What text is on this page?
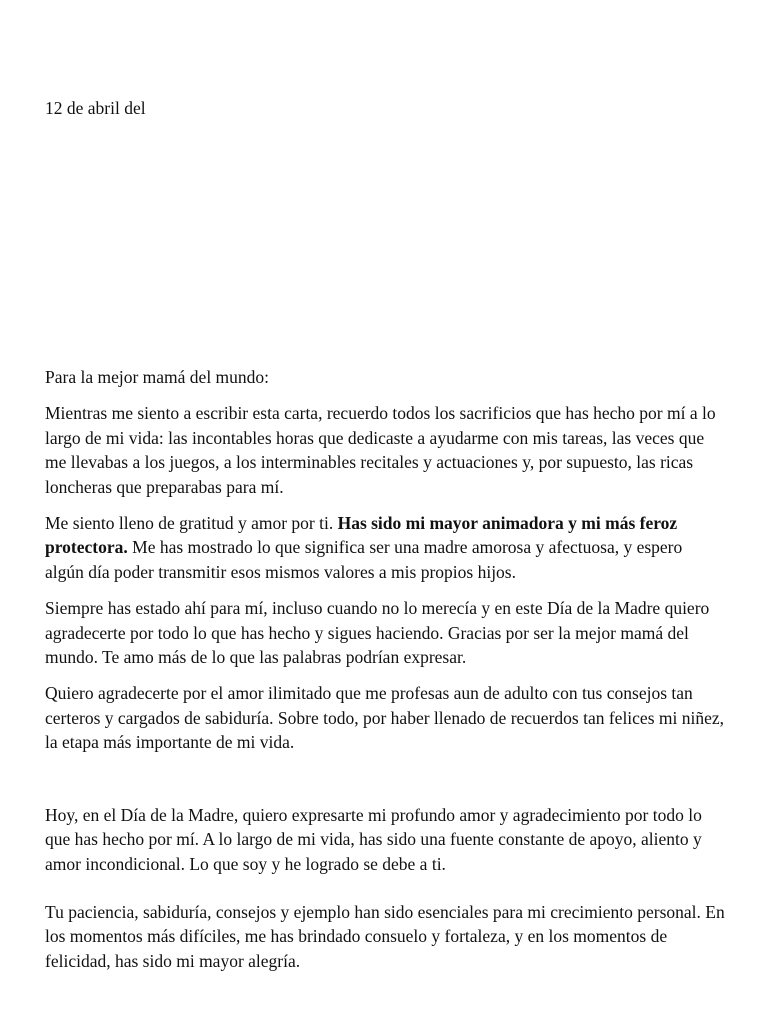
12 de abril del

Para la mejor mamá del mundo:

Mientras me siento a escribir esta carta, recuerdo todos los sacrificios que has hecho por mí a lo largo de mi vida: las incontables horas que dedicaste a ayudarme con mis tareas, las veces que me llevabas a los juegos, a los interminables recitales y actuaciones y, por supuesto, las ricas loncheras que preparabas para mí.

Me siento lleno de gratitud y amor por ti. Has sido mi mayor animadora y mi más feroz protectora. Me has mostrado lo que significa ser una madre amorosa y afectuosa, y espero algún día poder transmitir esos mismos valores a mis propios hijos.

Siempre has estado ahí para mí, incluso cuando no lo merecía y en este Día de la Madre quiero agradecerte por todo lo que has hecho y sigues haciendo. Gracias por ser la mejor mamá del mundo. Te amo más de lo que las palabras podrían expresar.

Quiero agradecerte por el amor ilimitado que me profesas aun de adulto con tus consejos tan certeros y cargados de sabiduría. Sobre todo, por haber llenado de recuerdos tan felices mi niñez, la etapa más importante de mi vida.

Hoy, en el Día de la Madre, quiero expresarte mi profundo amor y agradecimiento por todo lo que has hecho por mí. A lo largo de mi vida, has sido una fuente constante de apoyo, aliento y amor incondicional. Lo que soy y he logrado se debe a ti.

Tu paciencia, sabiduría, consejos y ejemplo han sido esenciales para mi crecimiento personal. En los momentos más difíciles, me has brindado consuelo y fortaleza, y en los momentos de felicidad, has sido mi mayor alegría.
